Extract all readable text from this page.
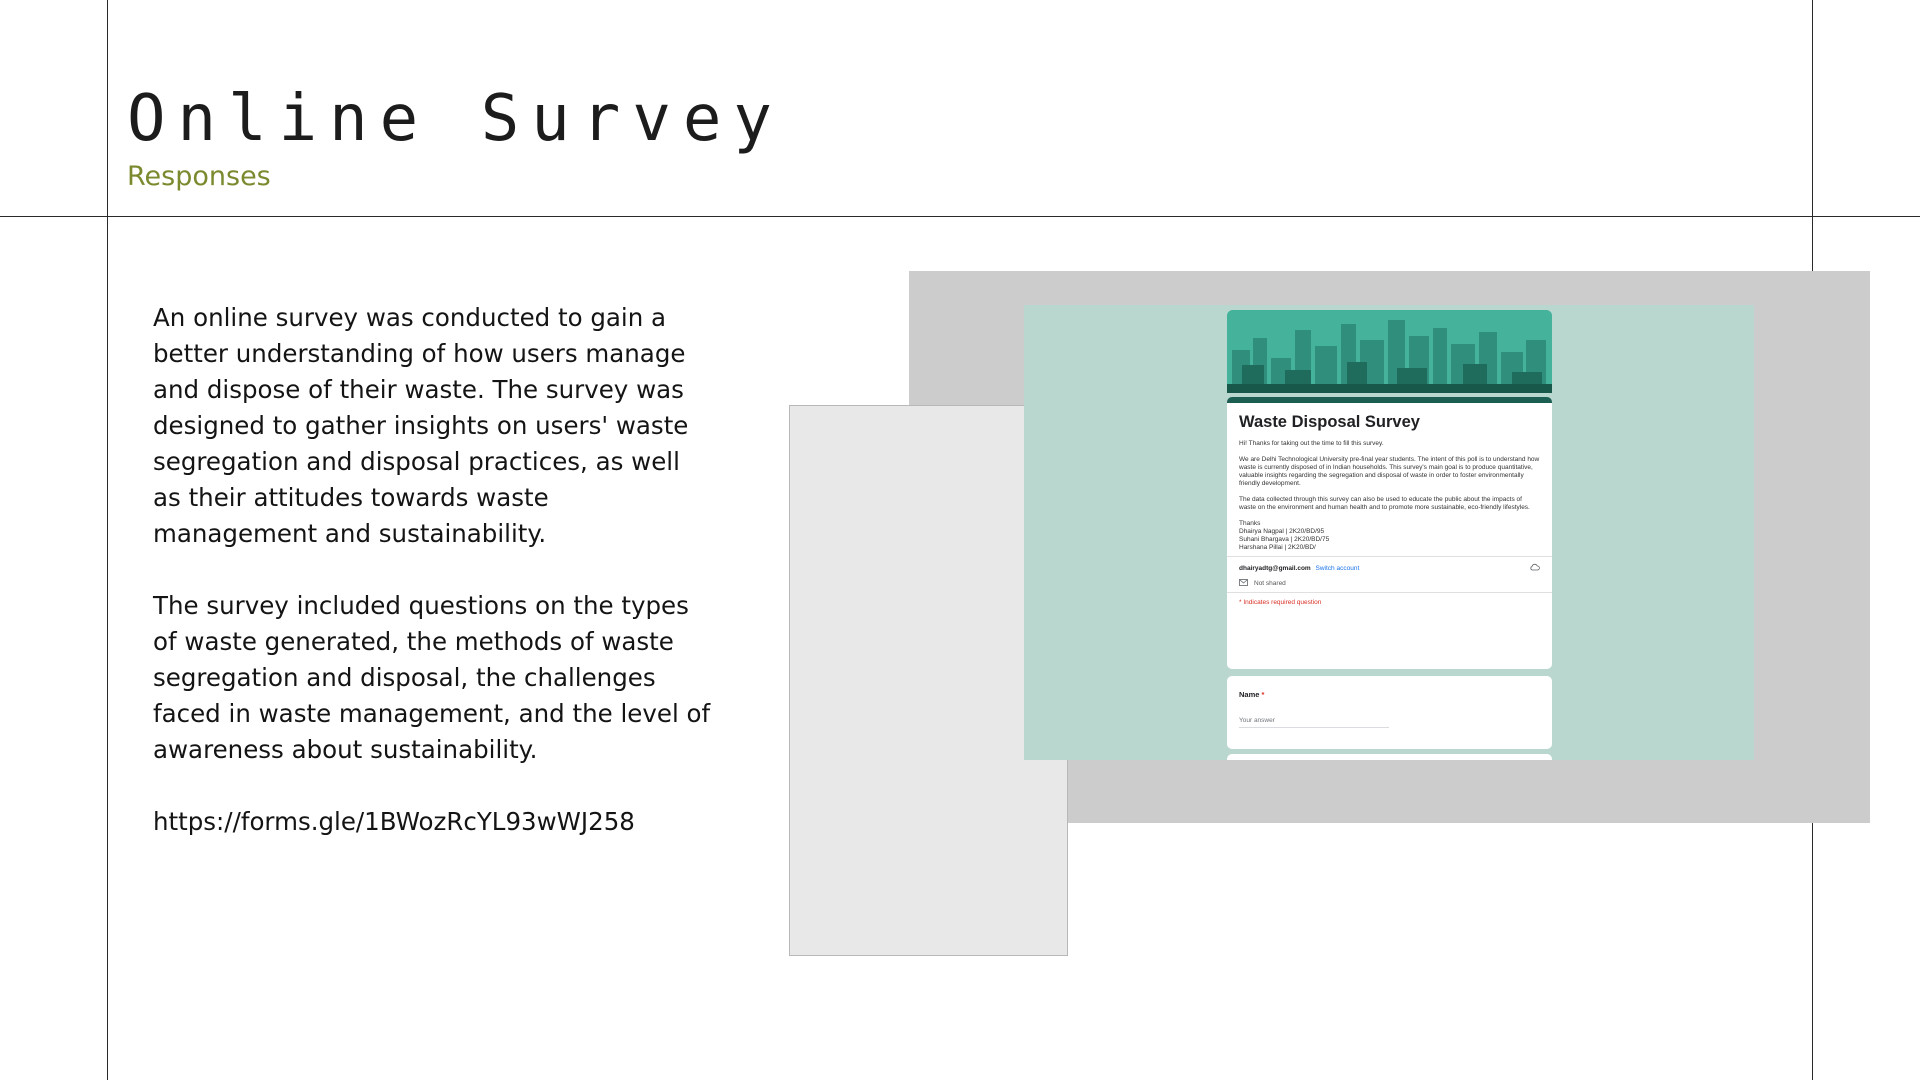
Online Survey
Responses

An online survey was conducted to gain a better understanding of how users manage and dispose of their waste. The survey was designed to gather insights on users' waste segregation and disposal practices, as well as their attitudes towards waste management and sustainability.

The survey included questions on the types of waste generated, the methods of waste segregation and disposal, the challenges faced in waste management, and the level of awareness about sustainability.

https://forms.gle/1BWozRcYL93wWJ258

Waste Disposal Survey

Hi! Thanks for taking out the time to fill this survey.

We are Delhi Technological University pre-final year students. The intent of this poll is to understand how waste is currently disposed of in Indian households. This survey's main goal is to produce quantitative, valuable insights regarding the segregation and disposal of waste in order to foster environmentally friendly development.

The data collected through this survey can also be used to educate the public about the impacts of waste on the environment and human health and to promote more sustainable, eco-friendly lifestyles.

Thanks
Dhairya Nagpal | 2K20/BD/95
Suhani Bhargava | 2K20/BD/75
Harshana Pillai | 2K20/BD/
dhairyadtg@gmail.com Switch account
Not shared
* Indicates required question
Name *
Your answer
